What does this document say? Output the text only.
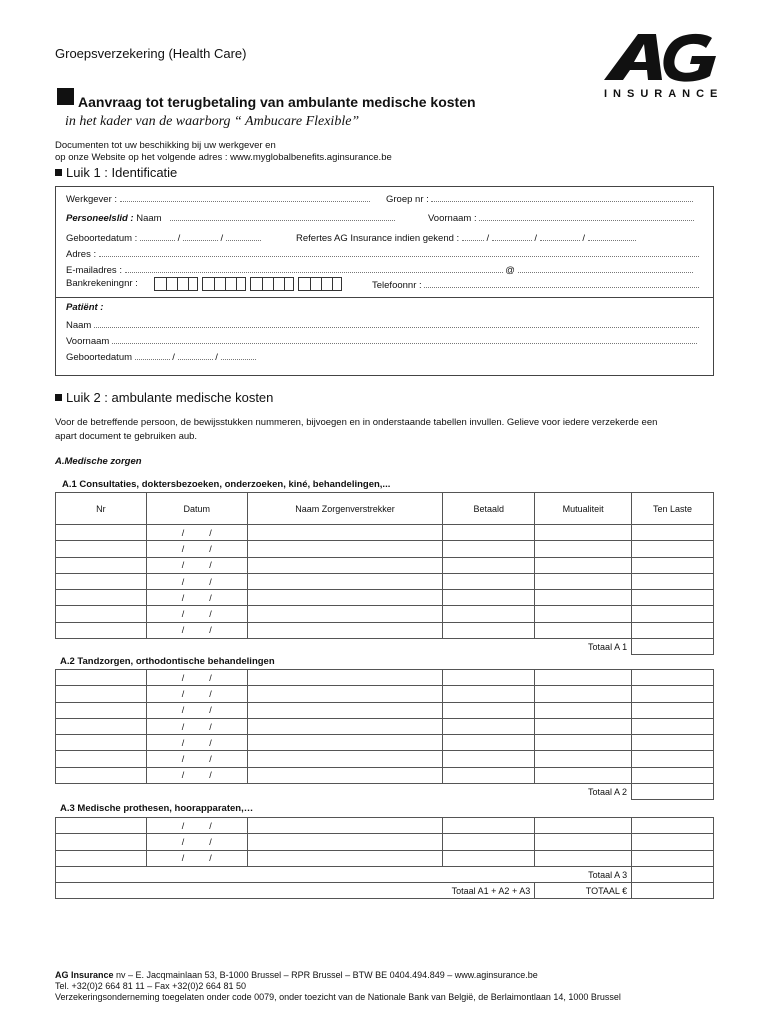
Groepsverzekering (Health Care)
INSURANCE
Aanvraag tot terugbetaling van ambulante medische kosten
in het kader van de waarborg “ Ambucare Flexible”
Documenten tot uw beschikking bij uw werkgever en
op onze Website op het volgende adres : www.myglobalbenefits.aginsurance.be
Luik 1 : Identificatie
Werkgever :	Groep nr :
Personeelslid : Naam	Voornaam :
Geboortedatum :	/	/	Refertes AG Insurance indien gekend :	/	/	/
Adres :
E-mailadres :	@
Bankrekeningnr :	Telefoonnr :
Patiënt :
Naam
Voornaam
Geboortedatum	/	/
Luik 2 : ambulante medische kosten
Voor de betreffende persoon, de bewijsstukken nummeren, bijvoegen en in onderstaande tabellen invullen. Gelieve voor iedere verzekerde een
apart document te gebruiken aub.
A.Medische zorgen
A.1 Consultaties, doktersbezoeken, onderzoeken, kiné, behandelingen,...
Nr	Datum	Naam Zorgenverstrekker	Betaald	Mutualiteit	Ten Laste
	/          /				
	/          /				
	/          /				
	/          /				
	/          /				
	/          /				
	/          /				
Totaal A 1					
A.2 Tandzorgen, orthodontische behandelingen
	/          /				
	/          /				
	/          /				
	/          /				
	/          /				
	/          /				
	/          /				
Totaal A 2					
A.3 Medische prothesen, hoorapparaten,…
	/          /				
	/          /				
	/          /				
Totaal A 3					
Totaal A1 + A2 + A3				TOTAAL €	
AG Insurance nv – E. Jacqmainlaan 53, B-1000 Brussel – RPR Brussel – BTW BE 0404.494.849 – www.aginsurance.be
Tel. +32(0)2 664 81 11 – Fax +32(0)2 664 81 50
Verzekeringsonderneming toegelaten onder code 0079, onder toezicht van de Nationale Bank van België, de Berlaimontlaan 14, 1000 Brussel
